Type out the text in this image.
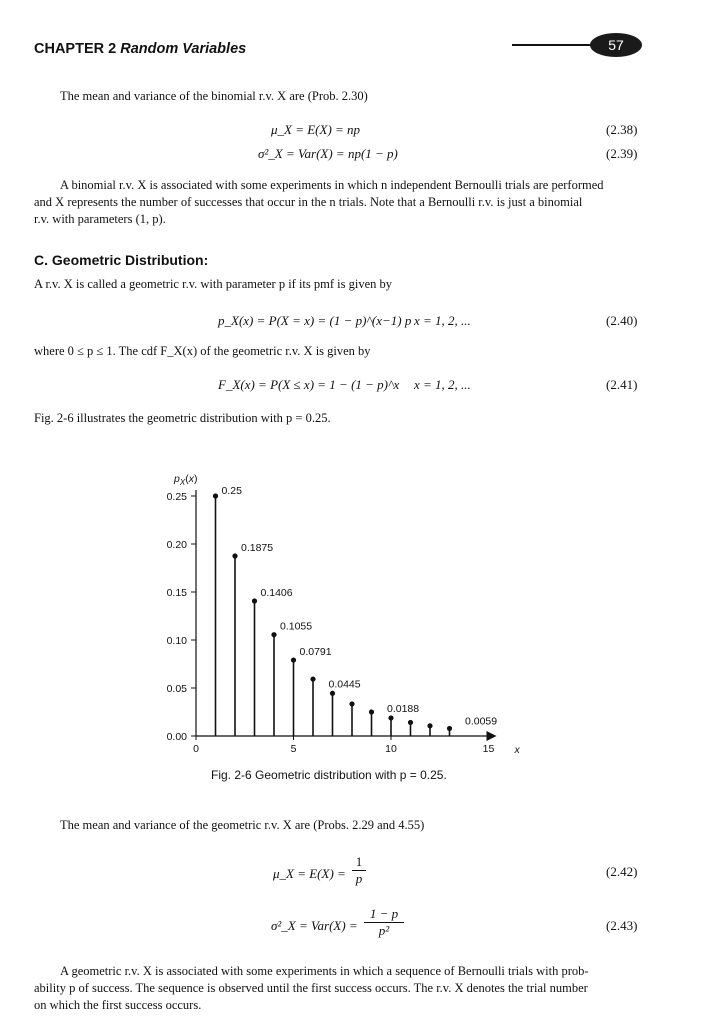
CHAPTER 2 Random Variables	57
The mean and variance of the binomial r.v. X are (Prob. 2.30)
μ_X = E(X) = np	(2.38)
σ²_X = Var(X) = np(1 − p)	(2.39)
A binomial r.v. X is associated with some experiments in which n independent Bernoulli trials are performed
and X represents the number of successes that occur in the n trials. Note that a Bernoulli r.v. is just a binomial
r.v. with parameters (1, p).
C. Geometric Distribution:
A r.v. X is called a geometric r.v. with parameter p if its pmf is given by
p_X(x) = P(X = x) = (1 − p)^(x−1) p x = 1, 2, ...	(2.40)
where 0 ≤ p ≤ 1. The cdf F_X(x) of the geometric r.v. X is given by
F_X(x) = P(X ≤ x) = 1 − (1 − p)^x x = 1, 2, ...	(2.41)
Fig. 2-6 illustrates the geometric distribution with p = 0.25.
0.00
0.05
0.10
0.15
0.20
0.25
$p_X(x)$
0	5	10	15 x
0.25
0.1875
0.1406
0.1055
0.0791
0.0445
0.0188
0.0059
Fig. 2-6 Geometric distribution with p = 0.25.
The mean and variance of the geometric r.v. X are (Probs. 2.29 and 4.55)
μ_X = E(X) =
1
p	(2.42)
σ²_X = Var(X) =
1 − p
p²	(2.43)
A geometric r.v. X is associated with some experiments in which a sequence of Bernoulli trials with prob-
ability p of success. The sequence is observed until the first success occurs. The r.v. X denotes the trial number
on which the first success occurs.
